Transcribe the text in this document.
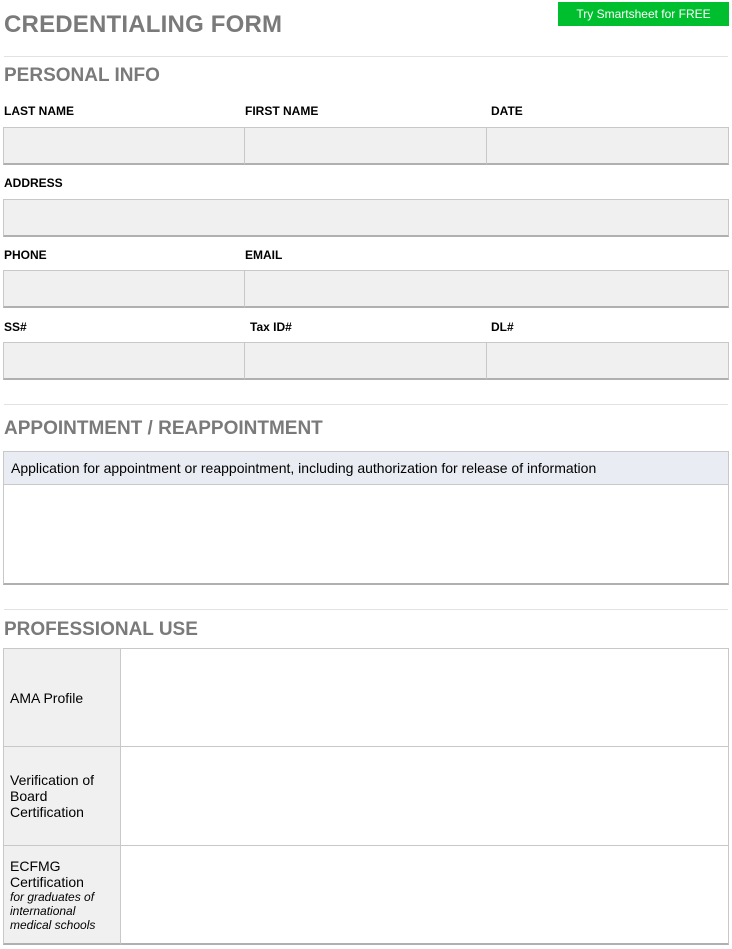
CREDENTIALING FORM	Try Smartsheet for FREE
PERSONAL INFO
LAST NAME	FIRST NAME	DATE
ADDRESS
PHONE	EMAIL
SS#	Tax ID#	DL#
APPOINTMENT / REAPPOINTMENT
Application for appointment or reappointment, including authorization for release of information
PROFESSIONAL USE
AMA Profile
Verification of Board Certification
ECFMG Certification
for graduates of international medical schools
